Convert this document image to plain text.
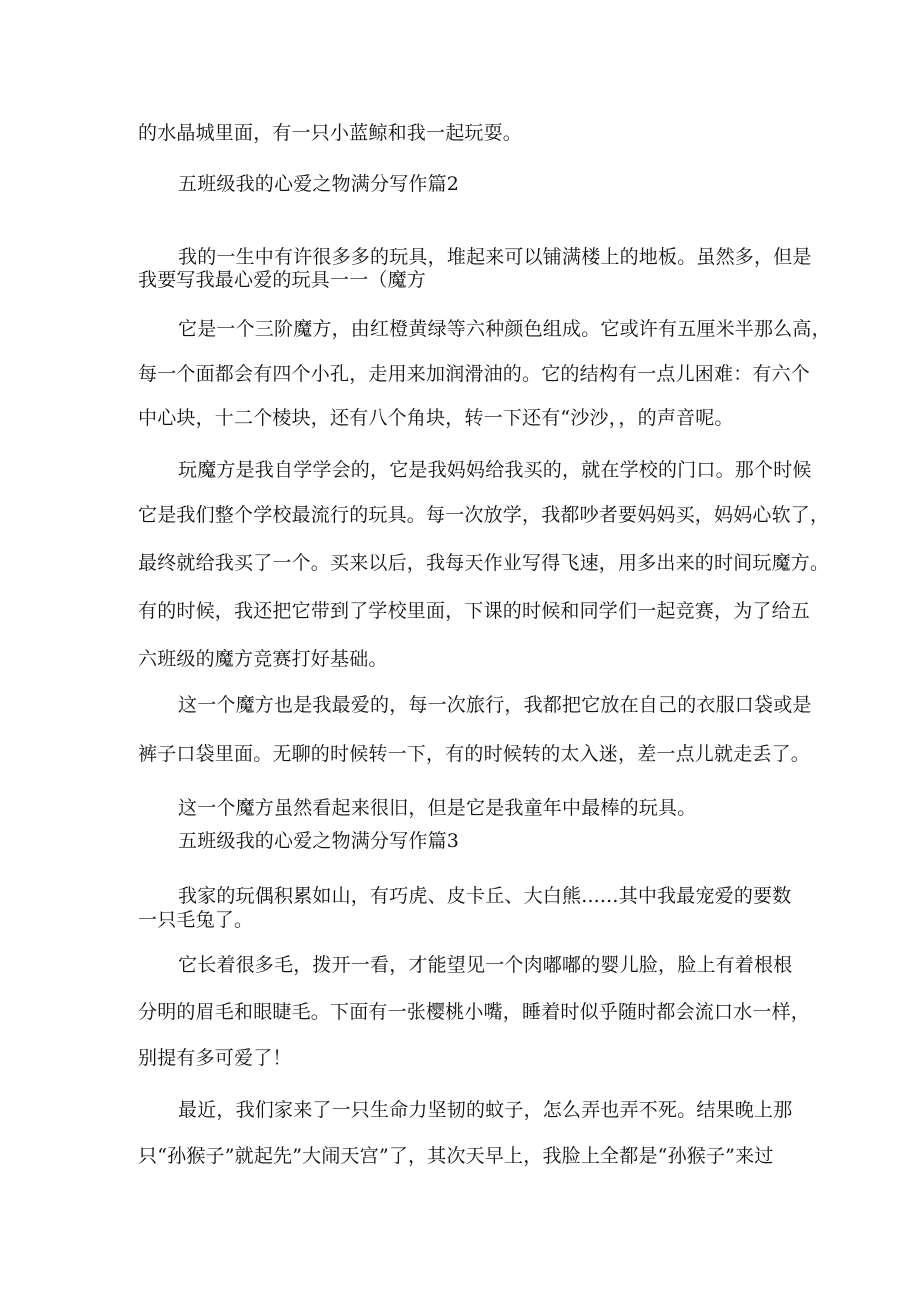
的水晶城里面，有一只小蓝鲸和我一起玩耍。
五班级我的心爱之物满分写作篇2
我的一生中有许很多多的玩具，堆起来可以铺满楼上的地板。虽然多，但是
我要写我最心爱的玩具一一（魔方
它是一个三阶魔方，由红橙黄绿等六种颜色组成。它或许有五厘米半那么高，
每一个面都会有四个小孔，走用来加润滑油的。它的结构有一点儿困难：有六个
中心块，十二个棱块，还有八个角块，转一下还有“沙沙，，的声音呢。
玩魔方是我自学学会的，它是我妈妈给我买的，就在学校的门口。那个时候
它是我们整个学校最流行的玩具。每一次放学，我都吵者要妈妈买，妈妈心软了，
最终就给我买了一个。买来以后，我每天作业写得飞速，用多出来的时间玩魔方。
有的时候，我还把它带到了学校里面，下课的时候和同学们一起竞赛，为了给五
六班级的魔方竞赛打好基础。
这一个魔方也是我最爱的，每一次旅行，我都把它放在自己的衣服口袋或是
裤子口袋里面。无聊的时候转一下，有的时候转的太入迷，差一点儿就走丢了。
这一个魔方虽然看起来很旧，但是它是我童年中最棒的玩具。
五班级我的心爱之物满分写作篇3
我家的玩偶积累如山，有巧虎、皮卡丘、大白熊......其中我最宠爱的要数
一只毛兔了。
它长着很多毛，拨开一看，才能望见一个肉嘟嘟的婴儿脸，脸上有着根根
分明的眉毛和眼睫毛。下面有一张樱桃小嘴，睡着时似乎随时都会流口水一样，
别提有多可爱了！
最近，我们家来了一只生命力坚韧的蚊子，怎么弄也弄不死。结果晚上那
只“孙猴子”就起先”大闹天宫”了，其次天早上，我脸上全都是“孙猴子”来过
